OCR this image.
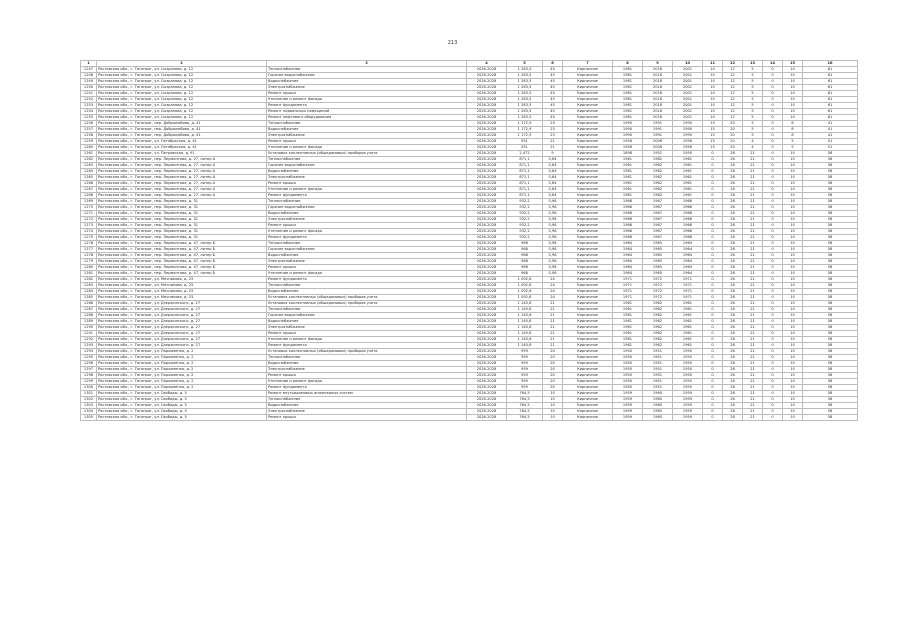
213
1	2	3	4	5	6	7	8	9	10	11	12	13	14	15	16
1247	Ростовская обл., г. Таганрог, ул. Сызранова, д. 12	Теплоснабжение	2026-2028	1 263,5	45	Кирпичное	1981	2018	2001	10	12	5	0	10	61
1248	Ростовская обл., г. Таганрог, ул. Сызранова, д. 12	Горячее водоснабжение	2026-2028	1 263,5	45	Кирпичное	1981	2018	2001	10	12	5	0	10	61
1249	Ростовская обл., г. Таганрог, ул. Сызранова, д. 12	Водоснабжение	2026-2028	1 263,5	45	Кирпичное	1981	2018	2001	10	12	5	0	10	61
1250	Ростовская обл., г. Таганрог, ул. Сызранова, д. 12	Электроснабжение	2026-2028	1 263,5	45	Кирпичное	1981	2018	2001	10	12	5	0	10	61
1251	Ростовская обл., г. Таганрог, ул. Сызранова, д. 12	Ремонт крыши	2026-2028	1 263,5	45	Кирпичное	1981	2018	2001	10	12	5	0	10	61
1252	Ростовская обл., г. Таганрог, ул. Сызранова, д. 12	Утепление и ремонт фасада	2026-2028	1 263,5	45	Кирпичное	1981	2018	2001	10	12	5	0	10	61
1253	Ростовская обл., г. Таганрог, ул. Сызранова, д. 12	Ремонт фундамента	2026-2028	1 263,5	45	Кирпичное	1981	2018	2001	10	12	5	0	10	61
1254	Ростовская обл., г. Таганрог, ул. Сызранова, д. 12	Ремонт подвальных помещений	2026-2028	1 263,5	45	Кирпичное	1981	2018	2001	10	12	5	0	10	61
1255	Ростовская обл., г. Таганрог, ул. Сызранова, д. 12	Ремонт лифтового оборудования	2026-2028	1 263,5	45	Кирпичное	1981	2018	2001	10	12	5	0	10	61
1256	Ростовская обл., г. Таганрог, пер. Добролюбова, д. 41	Теплоснабжение	2026-2028	1 172,9	23	Кирпичное	1990	1991	1990	15	20	5	0	8	41
1257	Ростовская обл., г. Таганрог, пер. Добролюбова, д. 41	Водоснабжение	2026-2028	1 172,9	23	Кирпичное	1990	1991	1990	15	20	5	0	8	41
1258	Ростовская обл., г. Таганрог, пер. Добролюбова, д. 41	Электроснабжение	2026-2028	1 172,9	23	Кирпичное	1990	1991	1990	15	20	5	0	8	41
1259	Ростовская обл., г. Таганрог, ул. Октябрьская, д. 41	Ремонт крыши	2026-2028	551	21	Кирпичное	1956	2006	1956	15	20	4	0	5	51
1260	Ростовская обл., г. Таганрог, ул. Октябрьская, д. 41	Утепление и ремонт фасада	2026-2028	551	21	Кирпичное	1956	2006	1956	15	20	4	0	5	51
1261	Ростовская обл., г. Таганрог, ул. Петровская, д. 91	Установка коллективных (общедомовых) приборов учета	2026-2028	2 472	9	Кирпичное	1898	1951	1950	0	28	21	0	10	58
1262	Ростовская обл., г. Таганрог, пер. Лермонтова, д. 27, литер А	Теплоснабжение	2026-2028	871,1	0,64	Кирпичное	1961	1962	1961	0	28	21	0	10	58
1263	Ростовская обл., г. Таганрог, пер. Лермонтова, д. 27, литер А	Горячее водоснабжение	2026-2028	871,1	0,64	Кирпичное	1961	1962	1961	0	28	21	0	10	58
1264	Ростовская обл., г. Таганрог, пер. Лермонтова, д. 27, литер А	Водоснабжение	2026-2028	871,1	0,64	Кирпичное	1961	1962	1961	0	28	21	0	10	58
1265	Ростовская обл., г. Таганрог, пер. Лермонтова, д. 27, литер А	Электроснабжение	2026-2028	871,1	0,64	Кирпичное	1961	1962	1961	0	28	21	0	10	58
1266	Ростовская обл., г. Таганрог, пер. Лермонтова, д. 27, литер А	Ремонт крыши	2026-2028	871,1	0,64	Кирпичное	1961	1962	1961	0	28	21	0	10	58
1267	Ростовская обл., г. Таганрог, пер. Лермонтова, д. 27, литер А	Утепление и ремонт фасада	2026-2028	871,1	0,64	Кирпичное	1961	1962	1961	0	28	21	0	10	58
1268	Ростовская обл., г. Таганрог, пер. Лермонтова, д. 27, литер А	Ремонт фундамента	2026-2028	871,1	0,64	Кирпичное	1961	1962	1961	0	28	21	0	10	58
1269	Ростовская обл., г. Таганрог, пер. Лермонтова, д. 31	Теплоснабжение	2026-2028	932,2	0,98	Кирпичное	1966	1967	1966	0	28	21	0	10	58
1270	Ростовская обл., г. Таганрог, пер. Лермонтова, д. 31	Горячее водоснабжение	2026-2028	932,2	0,98	Кирпичное	1966	1967	1966	0	28	21	0	10	58
1271	Ростовская обл., г. Таганрог, пер. Лермонтова, д. 31	Водоснабжение	2026-2028	932,2	0,98	Кирпичное	1966	1967	1966	0	28	21	0	10	58
1272	Ростовская обл., г. Таганрог, пер. Лермонтова, д. 31	Электроснабжение	2026-2028	932,2	0,98	Кирпичное	1966	1967	1966	0	28	21	0	10	58
1273	Ростовская обл., г. Таганрог, пер. Лермонтова, д. 31	Ремонт крыши	2026-2028	932,2	0,98	Кирпичное	1966	1967	1966	0	28	21	0	10	58
1274	Ростовская обл., г. Таганрог, пер. Лермонтова, д. 31	Утепление и ремонт фасада	2026-2028	932,2	0,98	Кирпичное	1966	1967	1966	0	28	21	0	10	58
1275	Ростовская обл., г. Таганрог, пер. Лермонтова, д. 31	Ремонт фундамента	2026-2028	932,2	0,98	Кирпичное	1966	1967	1966	0	28	21	0	10	58
1276	Ростовская обл., г. Таганрог, пер. Лермонтова, д. 47, литер Б	Теплоснабжение	2026-2028	968	0,98	Кирпичное	1964	1965	1964	0	28	21	0	10	58
1277	Ростовская обл., г. Таганрог, пер. Лермонтова, д. 47, литер Б	Горячее водоснабжение	2026-2028	968	0,98	Кирпичное	1964	1965	1964	0	28	21	0	10	58
1278	Ростовская обл., г. Таганрог, пер. Лермонтова, д. 47, литер Б	Водоснабжение	2026-2028	968	0,98	Кирпичное	1964	1965	1964	0	28	21	0	10	58
1279	Ростовская обл., г. Таганрог, пер. Лермонтова, д. 47, литер Б	Электроснабжение	2026-2028	968	0,98	Кирпичное	1964	1965	1964	0	28	21	0	10	58
1280	Ростовская обл., г. Таганрог, пер. Лермонтова, д. 47, литер Б	Ремонт крыши	2026-2028	968	0,98	Кирпичное	1964	1965	1964	0	28	21	0	10	58
1281	Ростовская обл., г. Таганрог, пер. Лермонтова, д. 47, литер Б	Утепление и ремонт фасада	2026-2028	968	0,98	Кирпичное	1964	1965	1964	0	28	21	0	10	58
1282	Ростовская обл., г. Таганрог, ул. Мечникова, д. 25	Ремонт фундамента	2026-2028	1 092,6	24	Кирпичное	1971	1972	1971	0	28	21	0	10	58
1283	Ростовская обл., г. Таганрог, ул. Мечникова, д. 25	Теплоснабжение	2026-2028	1 092,6	24	Кирпичное	1971	1972	1971	0	28	21	0	10	58
1284	Ростовская обл., г. Таганрог, ул. Мечникова, д. 25	Водоснабжение	2026-2028	1 092,6	24	Кирпичное	1971	1972	1971	0	28	21	0	10	58
1285	Ростовская обл., г. Таганрог, ул. Мечникова, д. 25	Установка коллективных (общедомовых) приборов учета	2026-2028	1 092,6	24	Кирпичное	1971	1972	1971	0	28	21	0	10	58
1286	Ростовская обл., г. Таганрог, ул. Дзержинского, д. 27	Установка коллективных (общедомовых) приборов учета	2026-2028	1 140,6	21	Кирпичное	1961	1962	1961	0	28	21	0	10	58
1287	Ростовская обл., г. Таганрог, ул. Дзержинского, д. 27	Теплоснабжение	2026-2028	1 140,6	21	Кирпичное	1961	1962	1961	0	28	21	0	10	58
1288	Ростовская обл., г. Таганрог, ул. Дзержинского, д. 27	Горячее водоснабжение	2026-2028	1 140,6	21	Кирпичное	1961	1962	1961	0	28	21	0	10	58
1289	Ростовская обл., г. Таганрог, ул. Дзержинского, д. 27	Водоснабжение	2026-2028	1 140,6	21	Кирпичное	1961	1962	1961	0	28	21	0	10	58
1290	Ростовская обл., г. Таганрог, ул. Дзержинского, д. 27	Электроснабжение	2026-2028	1 140,6	21	Кирпичное	1961	1962	1961	0	28	21	0	10	58
1291	Ростовская обл., г. Таганрог, ул. Дзержинского, д. 27	Ремонт крыши	2026-2028	1 140,6	21	Кирпичное	1961	1962	1961	0	28	21	0	10	58
1292	Ростовская обл., г. Таганрог, ул. Дзержинского, д. 27	Утепление и ремонт фасада	2026-2028	1 140,6	21	Кирпичное	1961	1962	1961	0	28	21	0	10	58
1293	Ростовская обл., г. Таганрог, ул. Дзержинского, д. 27	Ремонт фундамента	2026-2028	1 140,6	21	Кирпичное	1961	1962	1961	0	28	21	0	10	58
1294	Ростовская обл., г. Таганрог, ул. Пархоменко, д. 2	Установка коллективных (общедомовых) приборов учета	2026-2028	959	20	Кирпичное	1950	1951	1950	0	28	21	0	10	58
1295	Ростовская обл., г. Таганрог, ул. Пархоменко, д. 2	Теплоснабжение	2026-2028	959	20	Кирпичное	1950	1951	1950	0	28	21	0	10	58
1296	Ростовская обл., г. Таганрог, ул. Пархоменко, д. 2	Водоснабжение	2026-2028	959	20	Кирпичное	1950	1951	1950	0	28	21	0	10	58
1297	Ростовская обл., г. Таганрог, ул. Пархоменко, д. 2	Электроснабжение	2026-2028	959	20	Кирпичное	1950	1951	1950	0	28	21	0	10	58
1298	Ростовская обл., г. Таганрог, ул. Пархоменко, д. 2	Ремонт крыши	2026-2028	959	20	Кирпичное	1950	1951	1950	0	28	21	0	10	58
1299	Ростовская обл., г. Таганрог, ул. Пархоменко, д. 2	Утепление и ремонт фасада	2026-2028	959	20	Кирпичное	1950	1951	1950	0	28	21	0	10	58
1300	Ростовская обл., г. Таганрог, ул. Пархоменко, д. 2	Ремонт фундамента	2026-2028	959	20	Кирпичное	1950	1951	1950	0	28	21	0	10	58
1301	Ростовская обл., г. Таганрог, ул. Свободы, д. 5	Ремонт внутридомовых инженерных систем	2026-2028	764,5	10	Кирпичное	1959	1960	1959	0	28	21	0	10	58
1302	Ростовская обл., г. Таганрог, ул. Свободы, д. 5	Теплоснабжение	2026-2028	764,5	10	Кирпичное	1959	1960	1959	0	28	21	0	10	58
1303	Ростовская обл., г. Таганрог, ул. Свободы, д. 5	Водоснабжение	2026-2028	764,5	10	Кирпичное	1959	1960	1959	0	28	21	0	10	58
1304	Ростовская обл., г. Таганрог, ул. Свободы, д. 5	Электроснабжение	2026-2028	764,5	10	Кирпичное	1959	1960	1959	0	28	21	0	10	58
1305	Ростовская обл., г. Таганрог, ул. Свободы, д. 5	Ремонт крыши	2026-2028	764,5	10	Кирпичное	1959	1960	1959	0	28	21	0	10	58
